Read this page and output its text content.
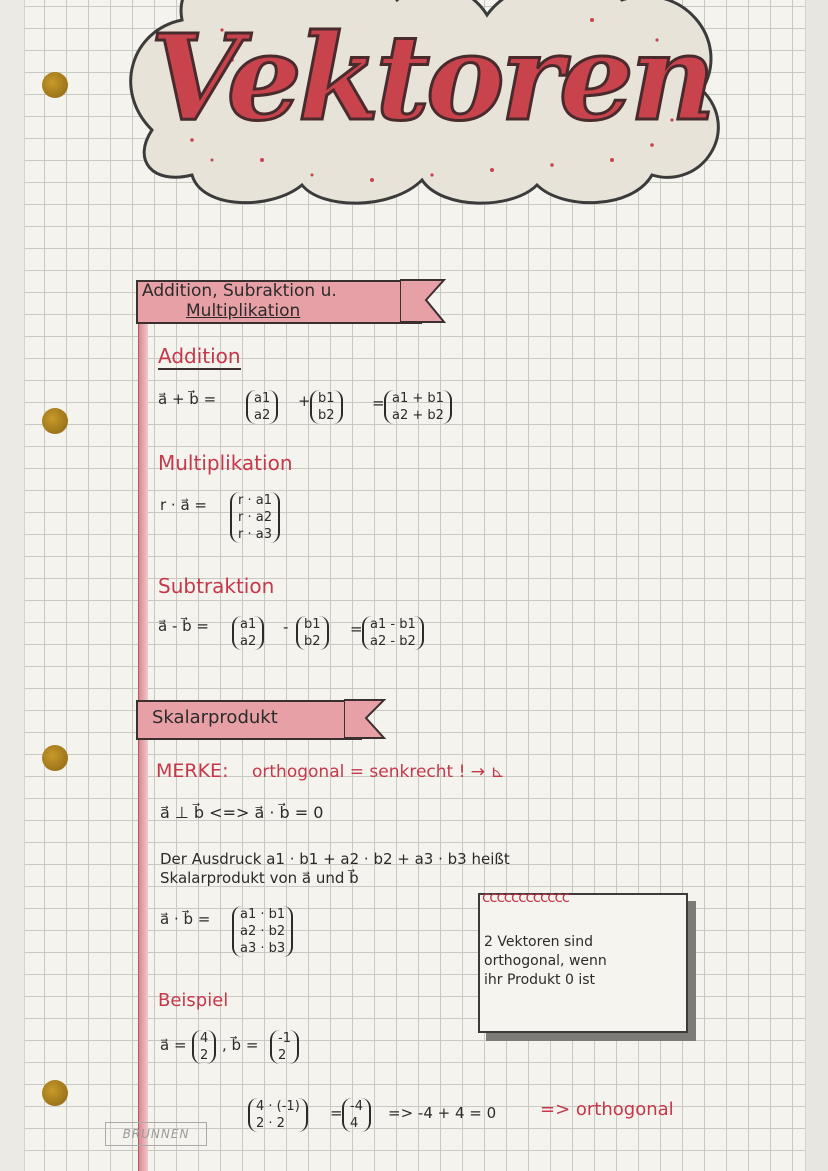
Vektoren
Addition, Subraktion u.
Multiplikation
Addition
a⃗ + b⃗ =	a1
a2
+ b1
b2
= a1 + b1
a2 + b2
Multiplikation
r · a⃗ = r · a1
r · a2
r · a3
Subtraktion
a⃗ - b⃗ = a1
a2
- b1
b2
= a1 - b1
a2 - b2
Skalarprodukt
MERKE: orthogonal = senkrecht ! → ⊾
a⃗ ⊥ b⃗ <=> a⃗ · b⃗ = 0
Der Ausdruck a1 · b1 + a2 · b2 + a3 · b3 heißt
Skalarprodukt von a⃗ und b⃗
a⃗ · b⃗ = a1 · b1
a2 · b2
a3 · b3
Beispiel
a⃗ = 4
2
, b⃗ = -1
2
4 · (-1)
2 · 2
= -4
4
=> -4 + 4 = 0 => orthogonal
cccccccccccc
2 Vektoren sind
orthogonal, wenn
ihr Produkt 0 ist
BRUNNEN
